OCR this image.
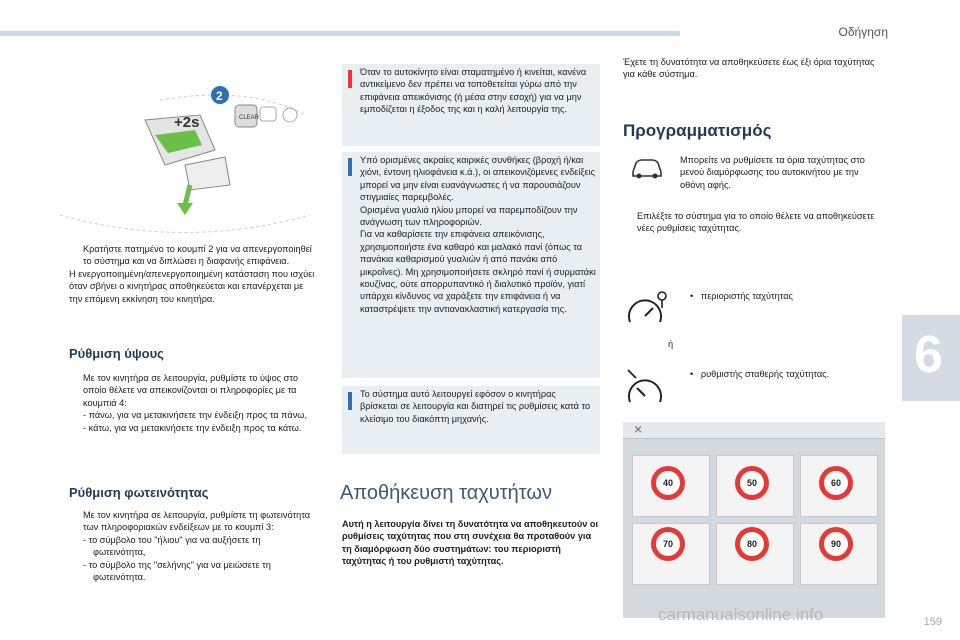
Οδήγηση
6
+2s
2
CLEAR

Κρατήστε πατημένο το κουμπί 2 για να απενεργοποιηθεί το σύστημα και να διπλώσει η διαφανής επιφάνεια.

Η ενεργοποιημένη/απενεργοποιημένη κατάσταση που ισχύει όταν σβήνει ο κινητήρας αποθηκεύεται και επανέρχεται με την επόμενη εκκίνηση του κινητήρα.

Ρύθμιση ύψους

Με τον κινητήρα σε λειτουργία, ρυθμίστε το ύψος στο οποίο θέλετε να απεικονίζονται οι πληροφορίες με τα κουμπιά 4:

- πάνω, για να μετακινήσετε την ένδειξη προς τα πάνω,

- κάτω, για να μετακινήσετε την ένδειξη προς τα κάτω.

Ρύθμιση φωτεινότητας

Με τον κινητήρα σε λειτουργία, ρυθμίστε τη φωτεινότητα των πληροφοριακών ενδείξεων με το κουμπί 3:

- το σύμβολο του "ήλιου" για να αυξήσετε τη φωτεινότητα,

- το σύμβολο της "σελήνης" για να μειώσετε τη φωτεινότητα.

Όταν το αυτοκίνητο είναι σταματημένο ή κινείται, κανένα αντικείμενο δεν πρέπει να τοποθετείται γύρω από την επιφάνεια απεικόνισης (ή μέσα στην εσοχή) για να μην εμποδίζεται η έξοδος της και η καλή λειτουργία της.

Υπό ορισμένες ακραίες καιρικές συνθήκες (βροχή ή/και χιόνι, έντονη ηλιοφάνεια κ.ά.), οι απεικονιζόμενες ενδείξεις μπορεί να μην είναι ευανάγνωστες ή να παρουσιάζουν στιγμιαίες παρεμβολές.

Ορισμένα γυαλιά ηλίου μπορεί να παρεμποδίζουν την ανάγνωση των πληροφοριών.

Για να καθαρίσετε την επιφάνεια απεικόνισης, χρησιμοποιήστε ένα καθαρό και μαλακό πανί (όπως τα πανάκια καθαρισμού γυαλιών ή από πανάκι από μικροΐνες). Μη χρησιμοποιήσετε σκληρό πανί ή συρματάκι κουζίνας, ούτε απορρυπαντικό ή διαλυτικό προϊόν, γιατί υπάρχει κίνδυνος να χαράξετε την επιφάνεια ή να καταστρέψετε την αντιανακλαστική κατεργασία της.

Το σύστημα αυτό λειτουργεί εφόσον ο κινητήρας βρίσκεται σε λειτουργία και διατηρεί τις ρυθμίσεις κατά το κλείσιμο του διακόπτη μηχανής.
Αποθήκευση ταχυτήτων
Αυτή η λειτουργία δίνει τη δυνατότητα να αποθηκευτούν οι ρυθμίσεις ταχύτητας που στη συνέχεια θα προταθούν για τη διαμόρφωση δύο συστημάτων: του περιοριστή ταχύτητας ή του ρυθμιστή ταχύτητας.
Έχετε τη δυνατότητα να αποθηκεύσετε έως έξι όρια ταχύτητας για κάθε σύστημα.
Προγραμματισμός
Μπορείτε να ρυθμίσετε τα όρια ταχύτητας στο μενού διαμόρφωσης του αυτοκινήτου με την οθόνη αφής.

Επιλέξτε το σύστημα για το οποίο θέλετε να αποθηκεύσετε νέες ρυθμίσεις ταχύτητας.

•   περιοριστής ταχύτητας
ή
•   ρυθμιστής σταθερής ταχύτητας.
×
40	50	60
70	80	90
carmanualsonline.info	159
